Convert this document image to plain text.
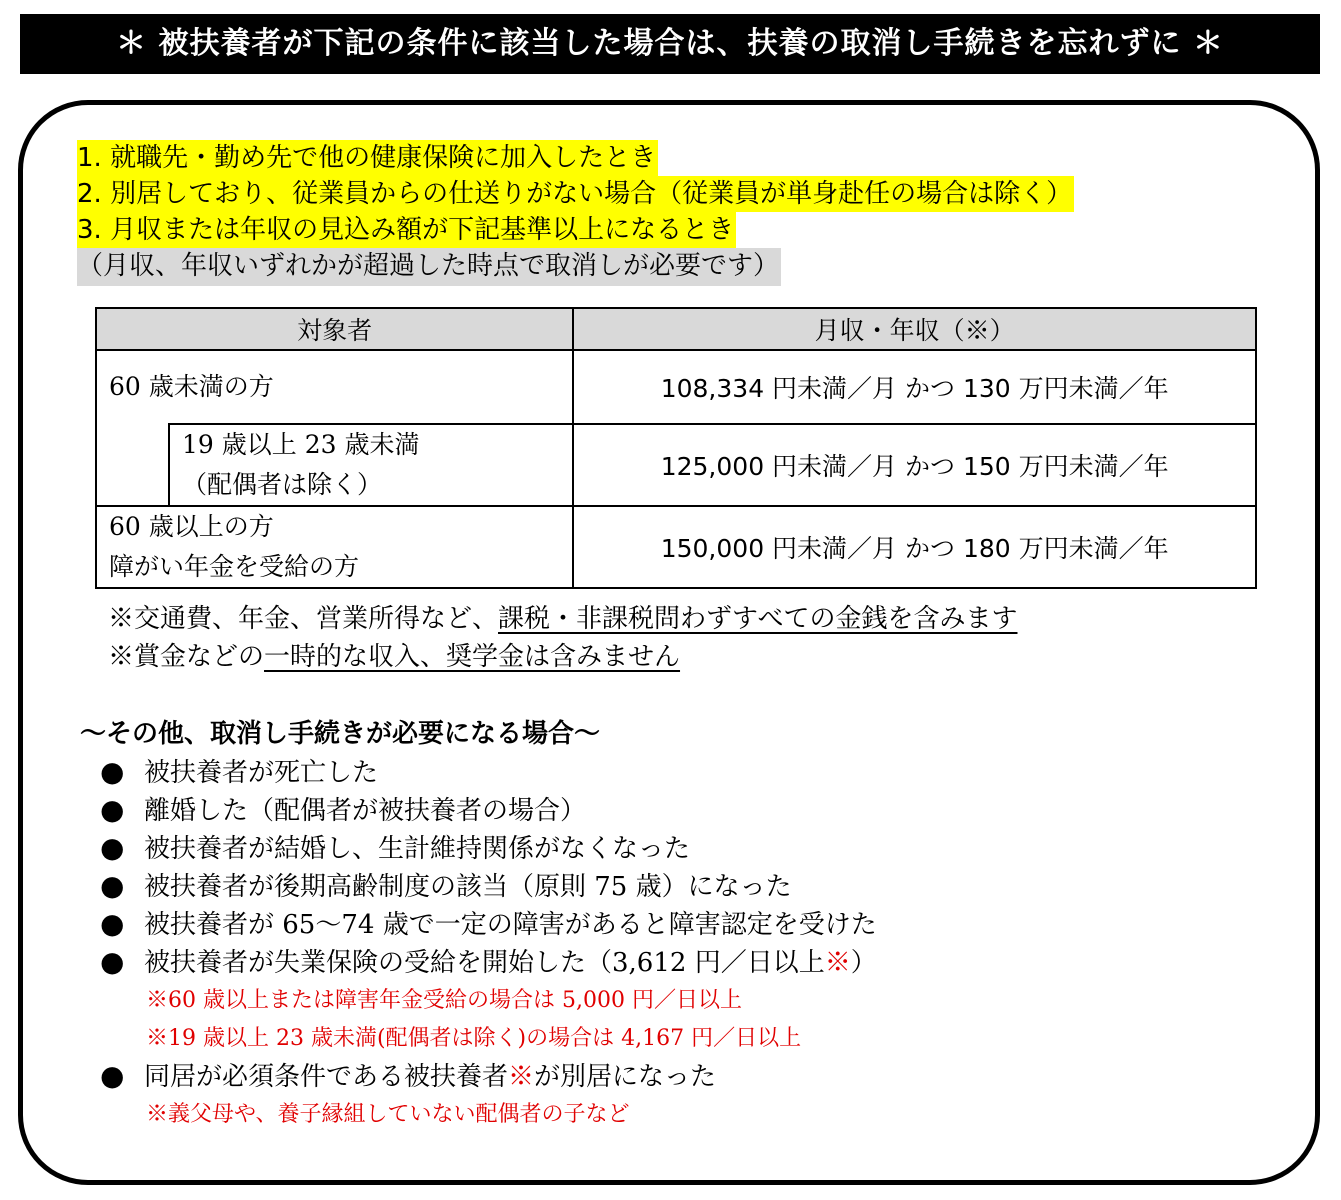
＊ 被扶養者が下記の条件に該当した場合は、扶養の取消し手続きを忘れずに ＊
1. 就職先・勤め先で他の健康保険に加入したとき
2. 別居しており、従業員からの仕送りがない場合（従業員が単身赴任の場合は除く）
3. 月収または年収の見込み額が下記基準以上になるとき
（月収、年収いずれかが超過した時点で取消しが必要です）
対象者		月収・年収（※）
60 歳未満の方		108,334 円未満／月 かつ 130 万円未満／年

	19 歳以上 23 歳未満
（配偶者は除く）	125,000 円未満／月 かつ 150 万円未満／年

60 歳以上の方
障がい年金を受給の方		150,000 円未満／月 かつ 180 万円未満／年
※交通費、年金、営業所得など、課税・非課税問わずすべての金銭を含みます
※賞金などの一時的な収入、奨学金は含みません
～その他、取消し手続きが必要になる場合～
● 被扶養者が死亡した
● 離婚した（配偶者が被扶養者の場合）
● 被扶養者が結婚し、生計維持関係がなくなった
● 被扶養者が後期高齢制度の該当（原則 75 歳）になった
● 被扶養者が 65～74 歳で一定の障害があると障害認定を受けた
● 被扶養者が失業保険の受給を開始した（3,612 円／日以上※）
※60 歳以上または障害年金受給の場合は 5,000 円／日以上
※19 歳以上 23 歳未満(配偶者は除く)の場合は 4,167 円／日以上
● 同居が必須条件である被扶養者※が別居になった
※義父母や、養子縁組していない配偶者の子など
